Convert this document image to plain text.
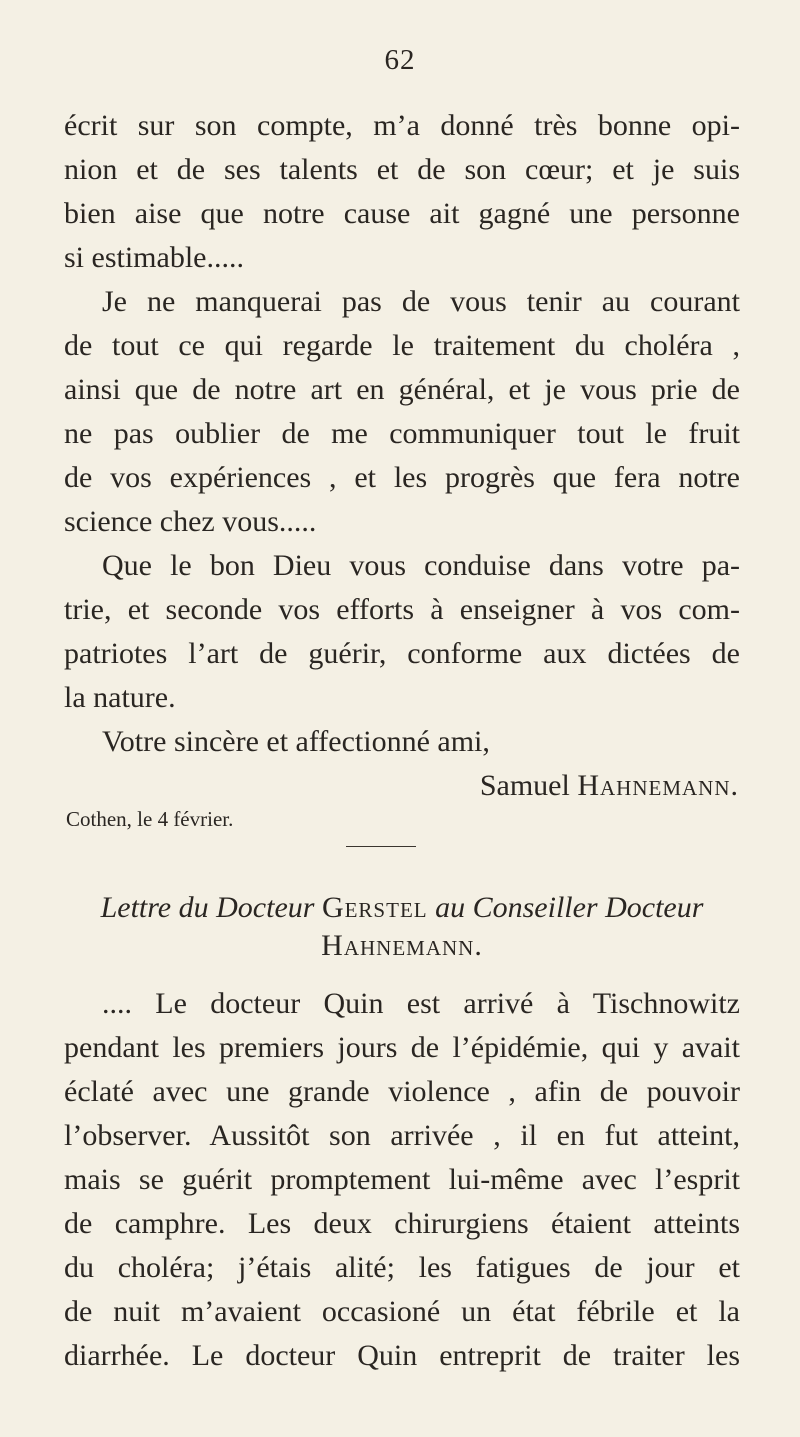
62
écrit sur son compte, m’a donné très bonne opi-
nion et de ses talents et de son cœur; et je suis
bien aise que notre cause ait gagné une personne
si estimable.....
Je ne manquerai pas de vous tenir au courant
de tout ce qui regarde le traitement du choléra ,
ainsi que de notre art en général, et je vous prie de
ne pas oublier de me communiquer tout le fruit
de vos expériences , et les progrès que fera notre
science chez vous.....
Que le bon Dieu vous conduise dans votre pa-
trie, et seconde vos efforts à enseigner à vos com-
patriotes l’art de guérir, conforme aux dictées de
la nature.
Votre sincère et affectionné ami,
Samuel Hahnemann.
Cothen, le 4 février.
Lettre du Docteur Gerstel au Conseiller Docteur
Hahnemann.
.... Le docteur Quin est arrivé à Tischnowitz
pendant les premiers jours de l’épidémie, qui y avait
éclaté avec une grande violence , afin de pouvoir
l’observer. Aussitôt son arrivée , il en fut atteint,
mais se guérit promptement lui-même avec l’esprit
de camphre. Les deux chirurgiens étaient atteints
du choléra; j’étais alité; les fatigues de jour et
de nuit m’avaient occasioné un état fébrile et la
diarrhée. Le docteur Quin entreprit de traiter les
